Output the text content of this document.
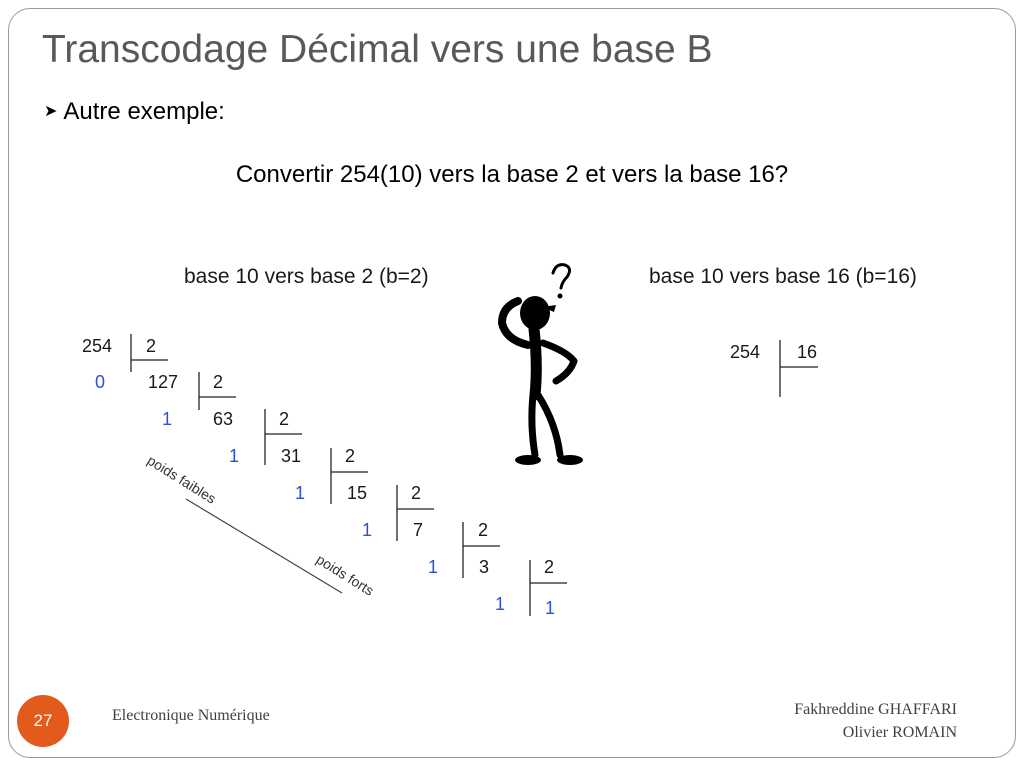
Transcodage Décimal vers une base B
➤ Autre exemple:
Convertir 254(10) vers la base 2 et vers la base 16?
base 10 vers base 2 (b=2)	base 10 vers base 16 (b=16)
254 2
0 127 2
1 63	2
1 31 2
1 15 2
1 7	2
1 3	2
1 1
poids faibles
poids forts
254 16
27	Electronique Numérique	Fakhreddine GHAFFARI
Olivier ROMAIN
